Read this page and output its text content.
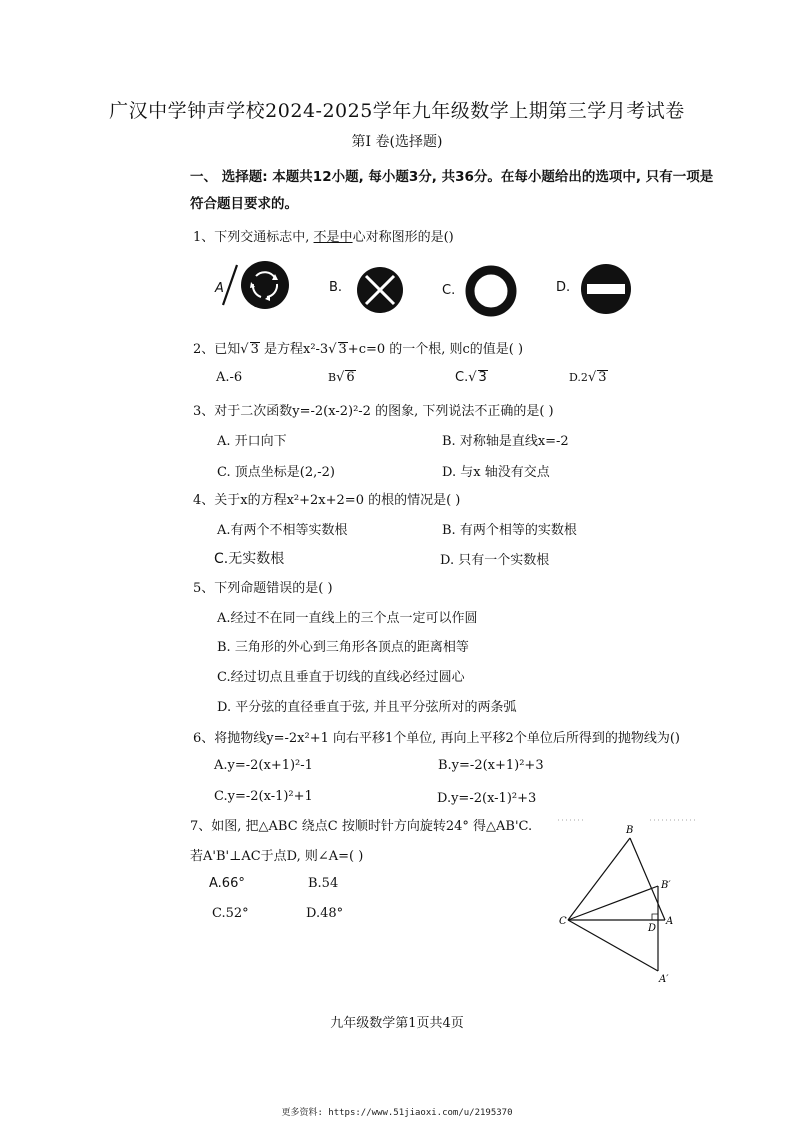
广汉中学钟声学校2024-2025学年九年级数学上期第三学月考试卷
第I 卷(选择题)
一、 选择题: 本题共12小题, 每小题3分, 共36分。在每小题给出的选项中, 只有一项是
符合题目要求的。
1、下列交通标志中, 不是中心对称图形的是()
A	B.	C.	D.
2、已知√ 3 是方程x²-3√ 3+c=0 的一个根, 则c的值是( )
A.-6	B√ 6	C.√ 3	D.2√ 3
3、对于二次函数y=-2(x-2)²-2 的图象, 下列说法不正确的是( )
A. 开口向下	B. 对称轴是直线x=-2
C. 顶点坐标是(2,-2)	D. 与x 轴没有交点
4、关于x的方程x²+2x+2=0 的根的情况是( )
A.有两个不相等实数根	B. 有两个相等的实数根
C.无实数根	D. 只有一个实数根
5、下列命题错误的是( )
A.经过不在同一直线上的三个点一定可以作圆
B. 三角形的外心到三角形各顶点的距离相等
C.经过切点且垂直于切线的直线必经过圆心
D. 平分弦的直径垂直于弦, 并且平分弦所对的两条弧
6、将抛物线y=-2x²+1 向右平移1个单位, 再向上平移2个单位后所得到的抛物线为()
A.y=-2(x+1)²-1	B.y=-2(x+1)²+3
C.y=-2(x-1)²+1	D.y=-2(x-1)²+3
7、如图, 把△ABC 绕点C 按顺时针方向旋转24° 得△AB'C.
若A'B'⊥AC于点D, 则∠A=( )
A.66°	B.54
C.52°	D.48°
B
B′
C
D
A
A′
九年级数学第1页共4页
更多资料: https://www.51jiaoxi.com/u/2195370
